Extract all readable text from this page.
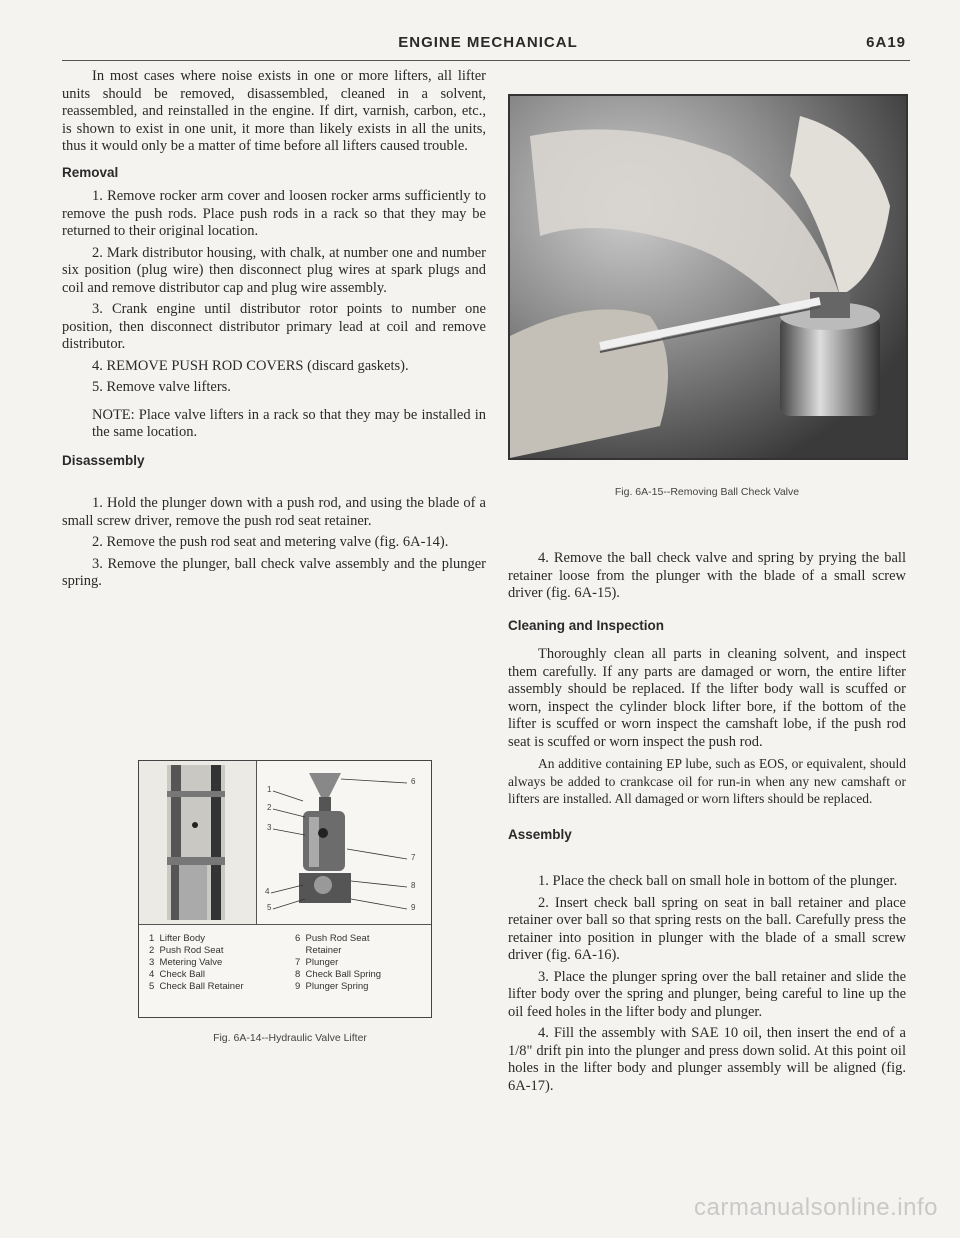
ENGINE MECHANICAL	6A19

In most cases where noise exists in one or more lifters, all lifter units should be removed, disassembled, cleaned in a solvent, reassembled, and reinstalled in the engine. If dirt, varnish, carbon, etc., is shown to exist in one unit, it more than likely exists in all the units, thus it would only be a matter of time before all lifters caused trouble.

Removal

1. Remove rocker arm cover and loosen rocker arms sufficiently to remove the push rods. Place push rods in a rack so that they may be returned to their original location.

2. Mark distributor housing, with chalk, at number one and number six position (plug wire) then disconnect plug wires at spark plugs and coil and remove distributor cap and plug wire assembly.

3. Crank engine until distributor rotor points to number one position, then disconnect distributor primary lead at coil and remove distributor.

4. REMOVE PUSH ROD COVERS (discard gaskets).

5. Remove valve lifters.

NOTE: Place valve lifters in a rack so that they may be installed in the same location.

Disassembly

1. Hold the plunger down with a push rod, and using the blade of a small screw driver, remove the push rod seat retainer.

2. Remove the push rod seat and metering valve (fig. 6A-14).

3. Remove the plunger, ball check valve assembly and the plunger spring.

1
2
3
4
5
6
7
8
9
1  Lifter Body
2  Push Rod Seat
3  Metering Valve
4  Check Ball
5  Check Ball Retainer
6  Push Rod Seat
Retainer
7  Plunger
8  Check Ball Spring
9  Plunger Spring
Fig. 6A-14--Hydraulic Valve Lifter
Fig. 6A-15--Removing Ball Check Valve

4. Remove the ball check valve and spring by prying the ball retainer loose from the plunger with the blade of a small screw driver (fig. 6A-15).

Cleaning and Inspection

Thoroughly clean all parts in cleaning solvent, and inspect them carefully. If any parts are damaged or worn, the entire lifter assembly should be replaced. If the lifter body wall is scuffed or worn, inspect the cylinder block lifter bore, if the bottom of the lifter is scuffed or worn inspect the camshaft lobe, if the push rod seat is scuffed or worn inspect the push rod.

An additive containing EP lube, such as EOS, or equivalent, should always be added to crankcase oil for run-in when any new camshaft or lifters are installed. All damaged or worn lifters should be replaced.

Assembly

1. Place the check ball on small hole in bottom of the plunger.

2. Insert check ball spring on seat in ball retainer and place retainer over ball so that spring rests on the ball. Carefully press the retainer into position in plunger with the blade of a small screw driver (fig. 6A-16).

3. Place the plunger spring over the ball retainer and slide the lifter body over the spring and plunger, being careful to line up the oil feed holes in the lifter body and plunger.

4. Fill the assembly with SAE 10 oil, then insert the end of a 1/8" drift pin into the plunger and press down solid. At this point oil holes in the lifter body and plunger assembly will be aligned (fig. 6A-17).

carmanualsonline.info
